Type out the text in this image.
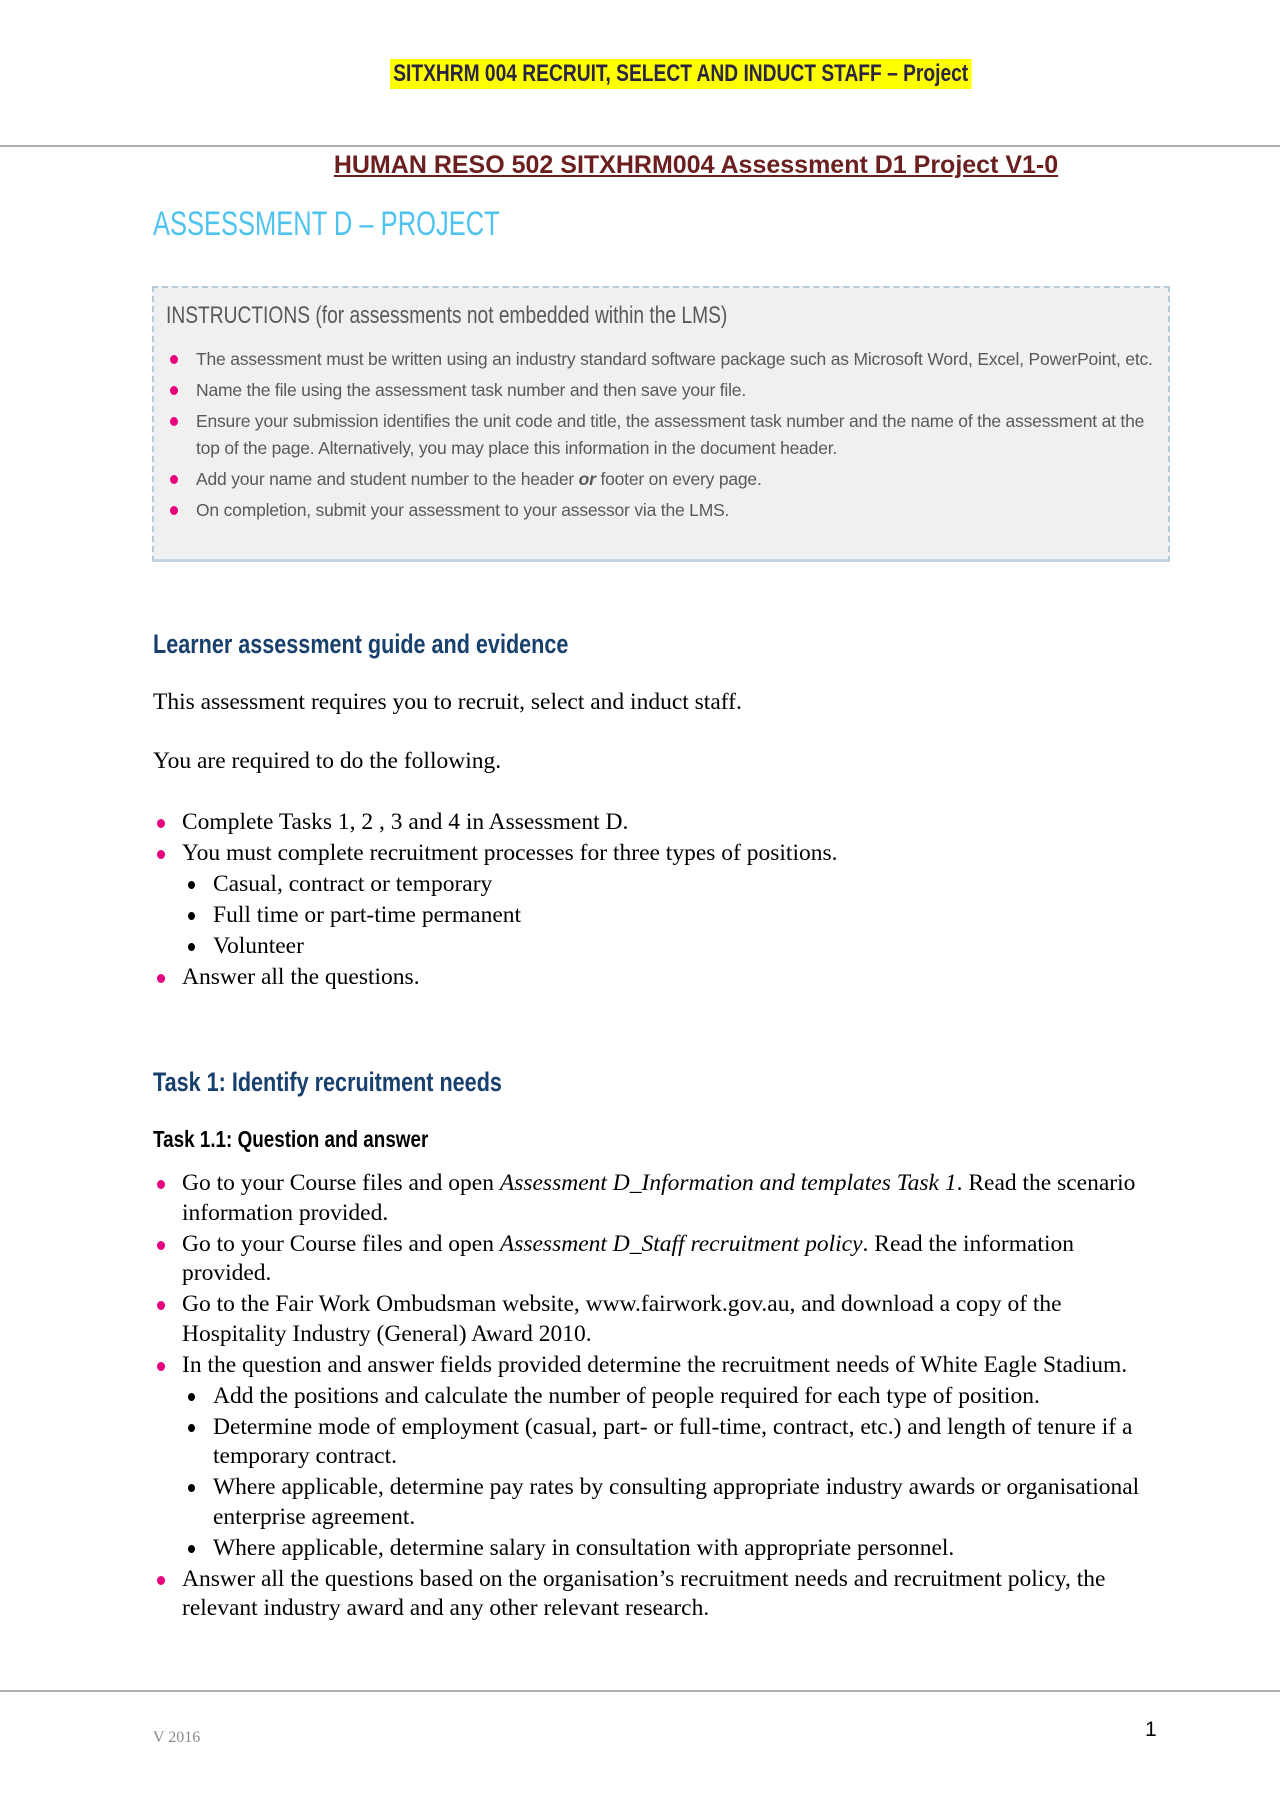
SITXHRM 004 RECRUIT, SELECT AND INDUCT STAFF – Project
HUMAN RESO 502 SITXHRM004 Assessment D1 Project V1-0
ASSESSMENT D – PROJECT
INSTRUCTIONS (for assessments not embedded within the LMS)
The assessment must be written using an industry standard software package such as Microsoft Word, Excel, PowerPoint, etc.
Name the file using the assessment task number and then save your file.
Ensure your submission identifies the unit code and title, the assessment task number and the name of the assessment at the top of the page. Alternatively, you may place this information in the document header.
Add your name and student number to the header or footer on every page.
On completion, submit your assessment to your assessor via the LMS.
Learner assessment guide and evidence
This assessment requires you to recruit, select and induct staff.
You are required to do the following.
Complete Tasks 1, 2 , 3 and 4 in Assessment D.
You must complete recruitment processes for three types of positions.
Casual, contract or temporary
Full time or part-time permanent
Volunteer
Answer all the questions.
Task 1: Identify recruitment needs
Task 1.1: Question and answer
Go to your Course files and open Assessment D_Information and templates Task 1. Read the scenario information provided.
Go to your Course files and open Assessment D_Staff recruitment policy. Read the information provided.
Go to the Fair Work Ombudsman website, www.fairwork.gov.au, and download a copy of the Hospitality Industry (General) Award 2010.
In the question and answer fields provided determine the recruitment needs of White Eagle Stadium.
Add the positions and calculate the number of people required for each type of position.
Determine mode of employment (casual, part- or full-time, contract, etc.) and length of tenure if a temporary contract.
Where applicable, determine pay rates by consulting appropriate industry awards or organisational enterprise agreement.
Where applicable, determine salary in consultation with appropriate personnel.
Answer all the questions based on the organisation’s recruitment needs and recruitment policy, the relevant industry award and any other relevant research.
V 2016	1
